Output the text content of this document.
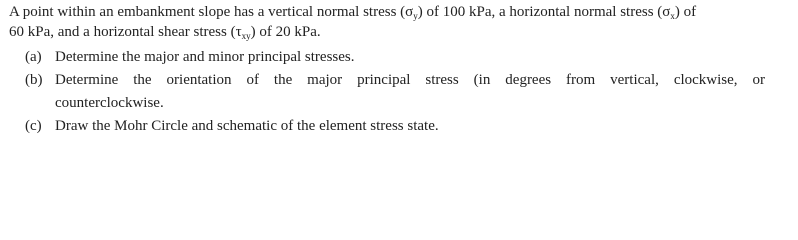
A point within an embankment slope has a vertical normal stress $(\sigma_y)$ of 100 kPa, a horizontal normal stress $(\sigma_x)$ of
60 kPa, and a horizontal shear stress $(\tau_{xy})$ of 20 kPa.
(a) Determine the major and minor principal stresses.
(b) Determine the orientation of the major principal stress (in degrees from vertical, clockwise, or
counterclockwise.
(c) Draw the Mohr Circle and schematic of the element stress state.
